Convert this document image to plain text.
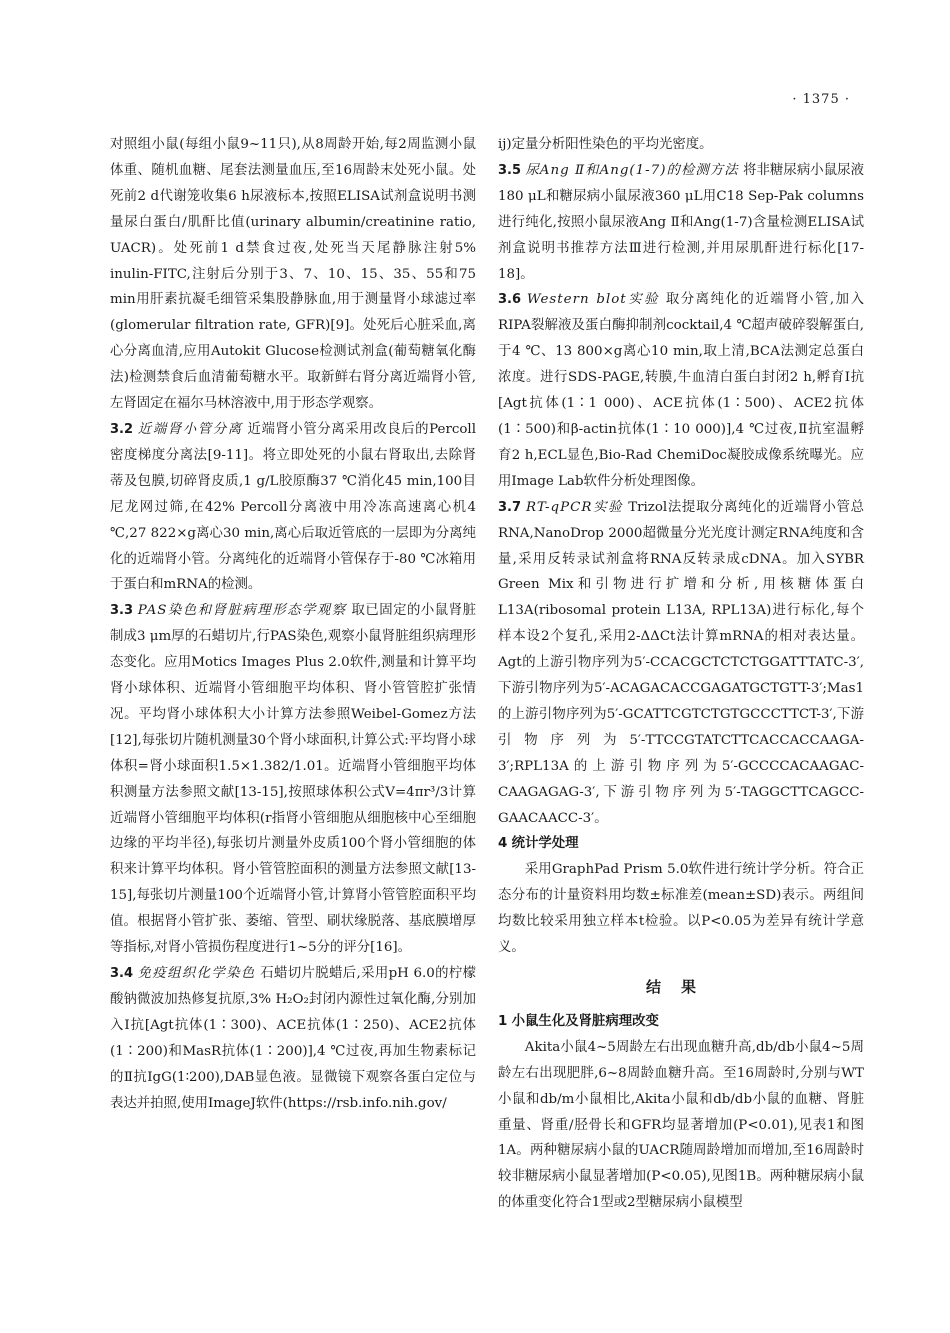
· 1375 ·

对照组小鼠(每组小鼠9~11只),从8周龄开始,每2周监测小鼠体重、随机血糖、尾套法测量血压,至16周龄末处死小鼠。处死前2 d代谢笼收集6 h尿液标本,按照ELISA试剂盒说明书测量尿白蛋白/肌酐比值(urinary albumin/creatinine ratio, UACR)。处死前1 d禁食过夜,处死当天尾静脉注射5% inulin-FITC,注射后分别于3、7、10、15、35、55和75 min用肝素抗凝毛细管采集股静脉血,用于测量肾小球滤过率(glomerular filtration rate, GFR)[9]。处死后心脏采血,离心分离血清,应用Autokit Glucose检测试剂盒(葡萄糖氧化酶法)检测禁食后血清葡萄糖水平。取新鲜右肾分离近端肾小管,左肾固定在福尔马林溶液中,用于形态学观察。

3.2 近端肾小管分离 近端肾小管分离采用改良后的Percoll密度梯度分离法[9-11]。将立即处死的小鼠右肾取出,去除肾蒂及包膜,切碎肾皮质,1 g/L胶原酶37 ℃消化45 min,100目尼龙网过筛,在42% Percoll分离液中用冷冻高速离心机4 ℃,27 822×g离心30 min,离心后取近管底的一层即为分离纯化的近端肾小管。分离纯化的近端肾小管保存于-80 ℃冰箱用于蛋白和mRNA的检测。

3.3 PAS染色和肾脏病理形态学观察 取已固定的小鼠肾脏制成3 μm厚的石蜡切片,行PAS染色,观察小鼠肾脏组织病理形态变化。应用Motics Images Plus 2.0软件,测量和计算平均肾小球体积、近端肾小管细胞平均体积、肾小管管腔扩张情况。平均肾小球体积大小计算方法参照Weibel-Gomez方法[12],每张切片随机测量30个肾小球面积,计算公式:平均肾小球体积=肾小球面积1.5×1.382/1.01。近端肾小管细胞平均体积测量方法参照文献[13-15],按照球体积公式V=4πr³/3计算近端肾小管细胞平均体积(r指肾小管细胞从细胞核中心至细胞边缘的平均半径),每张切片测量外皮质100个肾小管细胞的体积来计算平均体积。肾小管管腔面积的测量方法参照文献[13-15],每张切片测量100个近端肾小管,计算肾小管管腔面积平均值。根据肾小管扩张、萎缩、管型、刷状缘脱落、基底膜增厚等指标,对肾小管损伤程度进行1~5分的评分[16]。

3.4 免疫组织化学染色 石蜡切片脱蜡后,采用pH 6.0的柠檬酸钠微波加热修复抗原,3% H₂O₂封闭内源性过氧化酶,分别加入Ⅰ抗[Agt抗体(1∶300)、ACE抗体(1∶250)、ACE2抗体(1∶200)和MasR抗体(1∶200)],4 ℃过夜,再加生物素标记的Ⅱ抗IgG(1∶200),DAB显色液。显微镜下观察各蛋白定位与表达并拍照,使用ImageJ软件(https://rsb.info.nih.gov/

ij)定量分析阳性染色的平均光密度。

3.5 尿Ang Ⅱ和Ang(1-7)的检测方法 将非糖尿病小鼠尿液180 μL和糖尿病小鼠尿液360 μL用C18 Sep-Pak columns进行纯化,按照小鼠尿液Ang Ⅱ和Ang(1-7)含量检测ELISA试剂盒说明书推荐方法Ⅲ进行检测,并用尿肌酐进行标化[17-18]。

3.6 Western blot实验 取分离纯化的近端肾小管,加入RIPA裂解液及蛋白酶抑制剂cocktail,4 ℃超声破碎裂解蛋白,于4 ℃、13 800×g离心10 min,取上清,BCA法测定总蛋白浓度。进行SDS-PAGE,转膜,牛血清白蛋白封闭2 h,孵育Ⅰ抗[Agt抗体(1∶1 000)、ACE抗体(1∶500)、ACE2抗体(1∶500)和β-actin抗体(1∶10 000)],4 ℃过夜,Ⅱ抗室温孵育2 h,ECL显色,Bio-Rad ChemiDoc凝胶成像系统曝光。应用Image Lab软件分析处理图像。

3.7 RT-qPCR实验 Trizol法提取分离纯化的近端肾小管总RNA,NanoDrop 2000超微量分光光度计测定RNA纯度和含量,采用反转录试剂盒将RNA反转录成cDNA。加入SYBR Green Mix和引物进行扩增和分析,用核糖体蛋白L13A(ribosomal protein L13A, RPL13A)进行标化,每个样本设2个复孔,采用2-ΔΔCt法计算mRNA的相对表达量。Agt的上游引物序列为5′-CCACGCTCTCTGGATTTATC-3′,下游引物序列为5′-ACAGACACCGAGATGCTGTT-3′;Mas1的上游引物序列为5′-GCATTCGTCTGTGCCCTTCT-3′,下游引物序列为5′-TTCCGTATCTTCACCACCAAGA-3′;RPL13A的上游引物序列为5′-GCCCCACAAGAC-CAAGAGAG-3′,下游引物序列为5′-TAGGCTTCAGCC-GAACAACC-3′。

4 统计学处理

采用GraphPad Prism 5.0软件进行统计学分析。符合正态分布的计量资料用均数±标准差(mean±SD)表示。两组间均数比较采用独立样本t检验。以P<0.05为差异有统计学意义。

结果

1 小鼠生化及肾脏病理改变

Akita小鼠4~5周龄左右出现血糖升高,db/db小鼠4~5周龄左右出现肥胖,6~8周龄血糖升高。至16周龄时,分别与WT小鼠和db/m小鼠相比,Akita小鼠和db/db小鼠的血糖、肾脏重量、肾重/胫骨长和GFR均显著增加(P<0.01),见表1和图1A。两种糖尿病小鼠的UACR随周龄增加而增加,至16周龄时较非糖尿病小鼠显著增加(P<0.05),见图1B。两种糖尿病小鼠的体重变化符合1型或2型糖尿病小鼠模型
